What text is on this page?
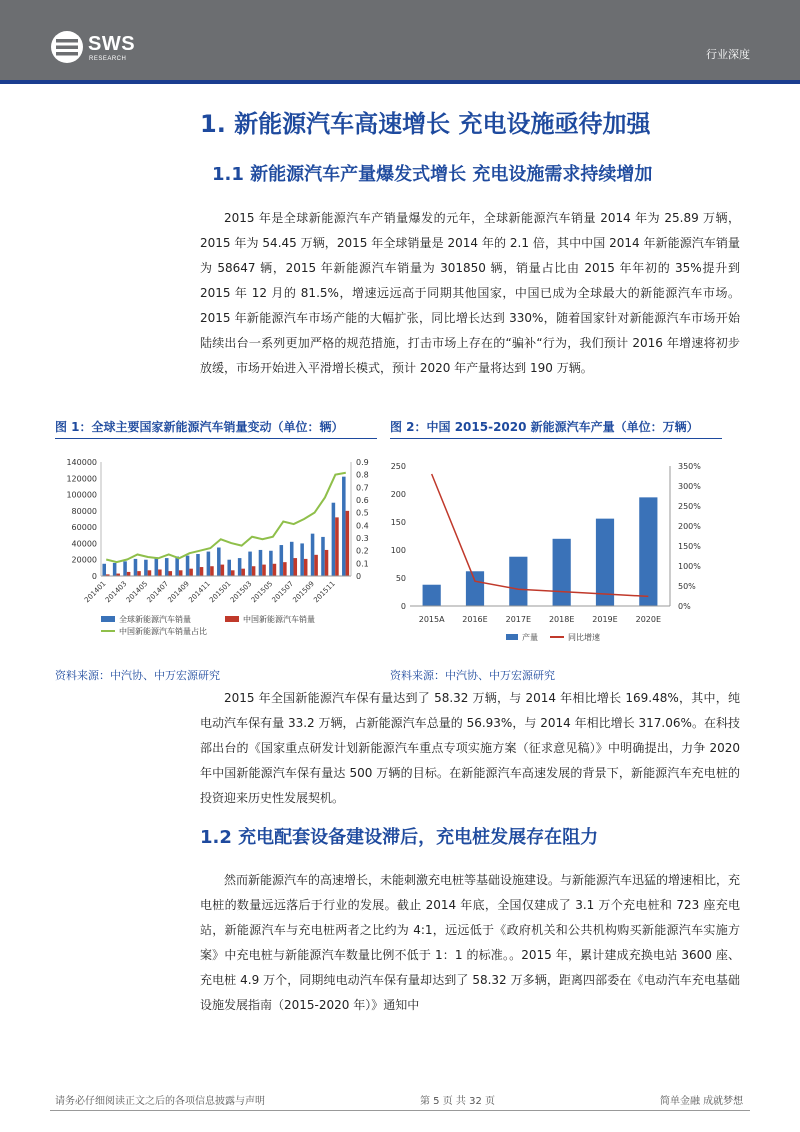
SWS
RESEARCH	行业深度
1. 新能源汽车高速增长 充电设施亟待加强
1.1 新能源汽车产量爆发式增长 充电设施需求持续增加

2015 年是全球新能源汽车产销量爆发的元年，全球新能源汽车销量 2014 年为 25.89 万辆，2015 年为 54.45 万辆，2015 年全球销量是 2014 年的 2.1 倍，其中中国 2014 年新能源汽车销量为 58647 辆，2015 年新能源汽车销量为 301850 辆，销量占比由 2015 年年初的 35%提升到 2015 年 12 月的 81.5%，增速远远高于同期其他国家，中国已成为全球最大的新能源汽车市场。2015 年新能源汽车市场产能的大幅扩张，同比增长达到 330%，随着国家针对新能源汽车市场开始陆续出台一系列更加严格的规范措施，打击市场上存在的“骗补“行为，我们预计 2016 年增速将初步放缓，市场开始进入平滑增长模式，预计 2020 年产量将达到 190 万辆。

图 1：全球主要国家新能源汽车销量变动（单位：辆）	图 2：中国 2015-2020 新能源汽车产量（单位：万辆）
0
20000
40000
60000
80000
100000
120000
140000
0
0.1
0.2
0.3
0.4
0.5
0.6
0.7
0.8
0.9
201401
201403
201405
201407
201409
201411
201501
201503
201505
201507
201509
201511
全球新能源汽车销量	中国新能源汽车销量
中国新能源汽车销量占比
0
50
100
150
200
250
0%
50%
100%
150%
200%
250%
300%
350%
2015A 2016E 2017E 2018E 2019E 2020E
产量	同比增速
资料来源：中汽协、中万宏源研究	资料来源：中汽协、中万宏源研究

2015 年全国新能源汽车保有量达到了 58.32 万辆，与 2014 年相比增长 169.48%，其中，纯电动汽车保有量 33.2 万辆，占新能源汽车总量的 56.93%，与 2014 年相比增长 317.06%。在科技部出台的《国家重点研发计划新能源汽车重点专项实施方案（征求意见稿）》中明确提出，力争 2020 年中国新能源汽车保有量达 500 万辆的目标。在新能源汽车高速发展的背景下，新能源汽车充电桩的投资迎来历史性发展契机。

1.2 充电配套设备建设滞后，充电桩发展存在阻力

然而新能源汽车的高速增长，未能刺激充电桩等基础设施建设。与新能源汽车迅猛的增速相比，充电桩的数量远远落后于行业的发展。截止 2014 年底，全国仅建成了 3.1 万个充电桩和 723 座充电站，新能源汽车与充电桩两者之比约为 4:1，远远低于《政府机关和公共机构购买新能源汽车实施方案》中充电桩与新能源汽车数量比例不低于 1：1 的标准。。2015 年，累计建成充换电站 3600 座、充电桩 4.9 万个，同期纯电动汽车保有量却达到了 58.32 万多辆，距离四部委在《电动汽车充电基础设施发展指南（2015-2020 年）》通知中

请务必仔细阅读正文之后的各项信息披露与声明	第 5 页 共 32 页	简单金融 成就梦想
